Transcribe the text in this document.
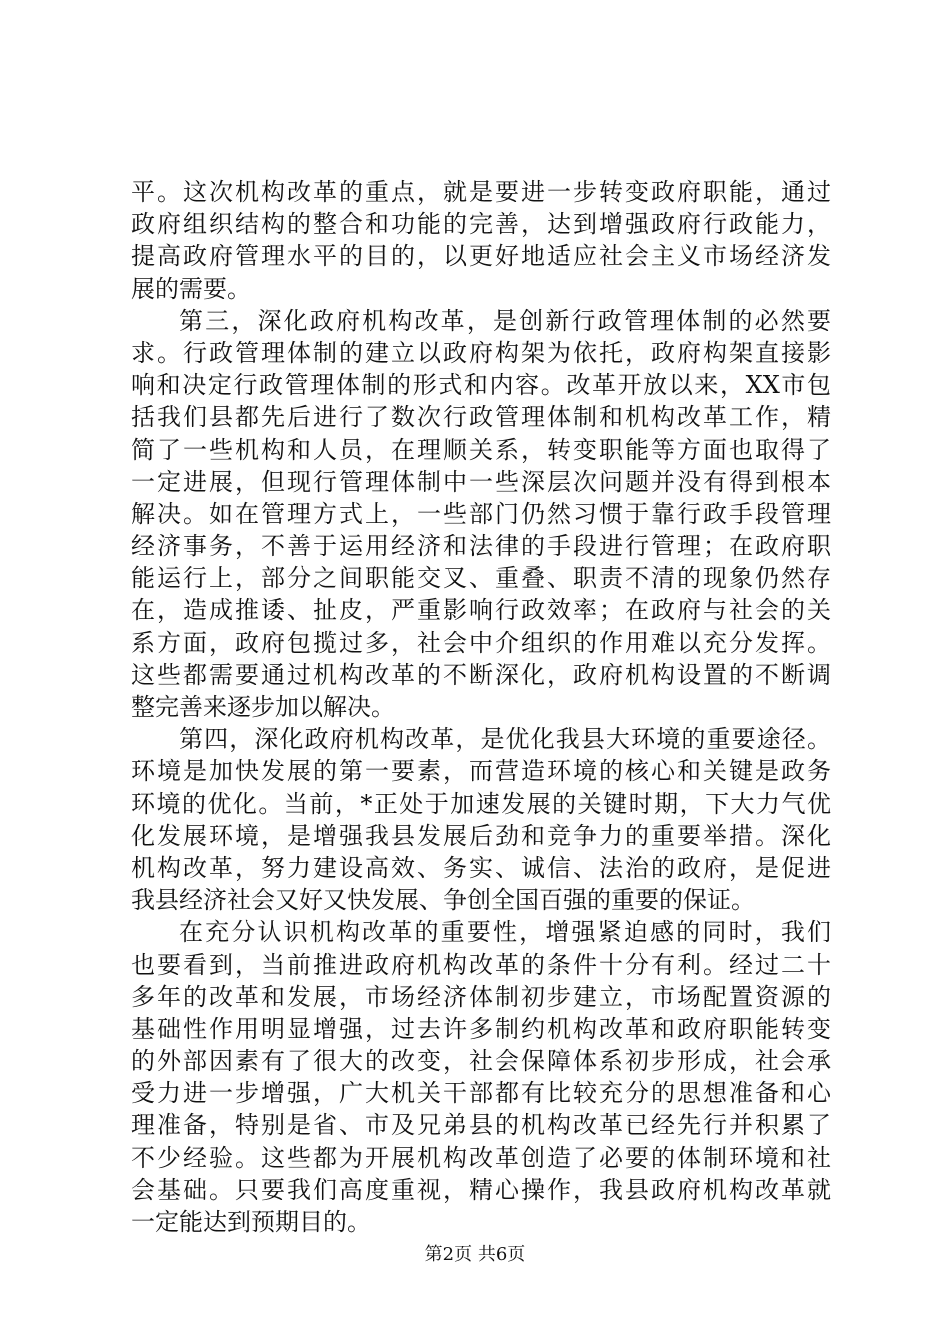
平。这次机构改革的重点，就是要进一步转变政府职能，通过
政府组织结构的整合和功能的完善，达到增强政府行政能力，
提高政府管理水平的目的，以更好地适应社会主义市场经济发
展的需要。
第三，深化政府机构改革，是创新行政管理体制的必然要
求。行政管理体制的建立以政府构架为依托，政府构架直接影
响和决定行政管理体制的形式和内容。改革开放以来，XX市包
括我们县都先后进行了数次行政管理体制和机构改革工作，精
简了一些机构和人员，在理顺关系，转变职能等方面也取得了
一定进展，但现行管理体制中一些深层次问题并没有得到根本
解决。如在管理方式上，一些部门仍然习惯于靠行政手段管理
经济事务，不善于运用经济和法律的手段进行管理；在政府职
能运行上，部分之间职能交叉、重叠、职责不清的现象仍然存
在，造成推诿、扯皮，严重影响行政效率；在政府与社会的关
系方面，政府包揽过多，社会中介组织的作用难以充分发挥。
这些都需要通过机构改革的不断深化，政府机构设置的不断调
整完善来逐步加以解决。
第四，深化政府机构改革，是优化我县大环境的重要途径。
环境是加快发展的第一要素，而营造环境的核心和关键是政务
环境的优化。当前，*正处于加速发展的关键时期，下大力气优
化发展环境，是增强我县发展后劲和竞争力的重要举措。深化
机构改革，努力建设高效、务实、诚信、法治的政府，是促进
我县经济社会又好又快发展、争创全国百强的重要的保证。
在充分认识机构改革的重要性，增强紧迫感的同时，我们
也要看到，当前推进政府机构改革的条件十分有利。经过二十
多年的改革和发展，市场经济体制初步建立，市场配置资源的
基础性作用明显增强，过去许多制约机构改革和政府职能转变
的外部因素有了很大的改变，社会保障体系初步形成，社会承
受力进一步增强，广大机关干部都有比较充分的思想准备和心
理准备，特别是省、市及兄弟县的机构改革已经先行并积累了
不少经验。这些都为开展机构改革创造了必要的体制环境和社
会基础。只要我们高度重视，精心操作，我县政府机构改革就
一定能达到预期目的。
第2页 共6页
